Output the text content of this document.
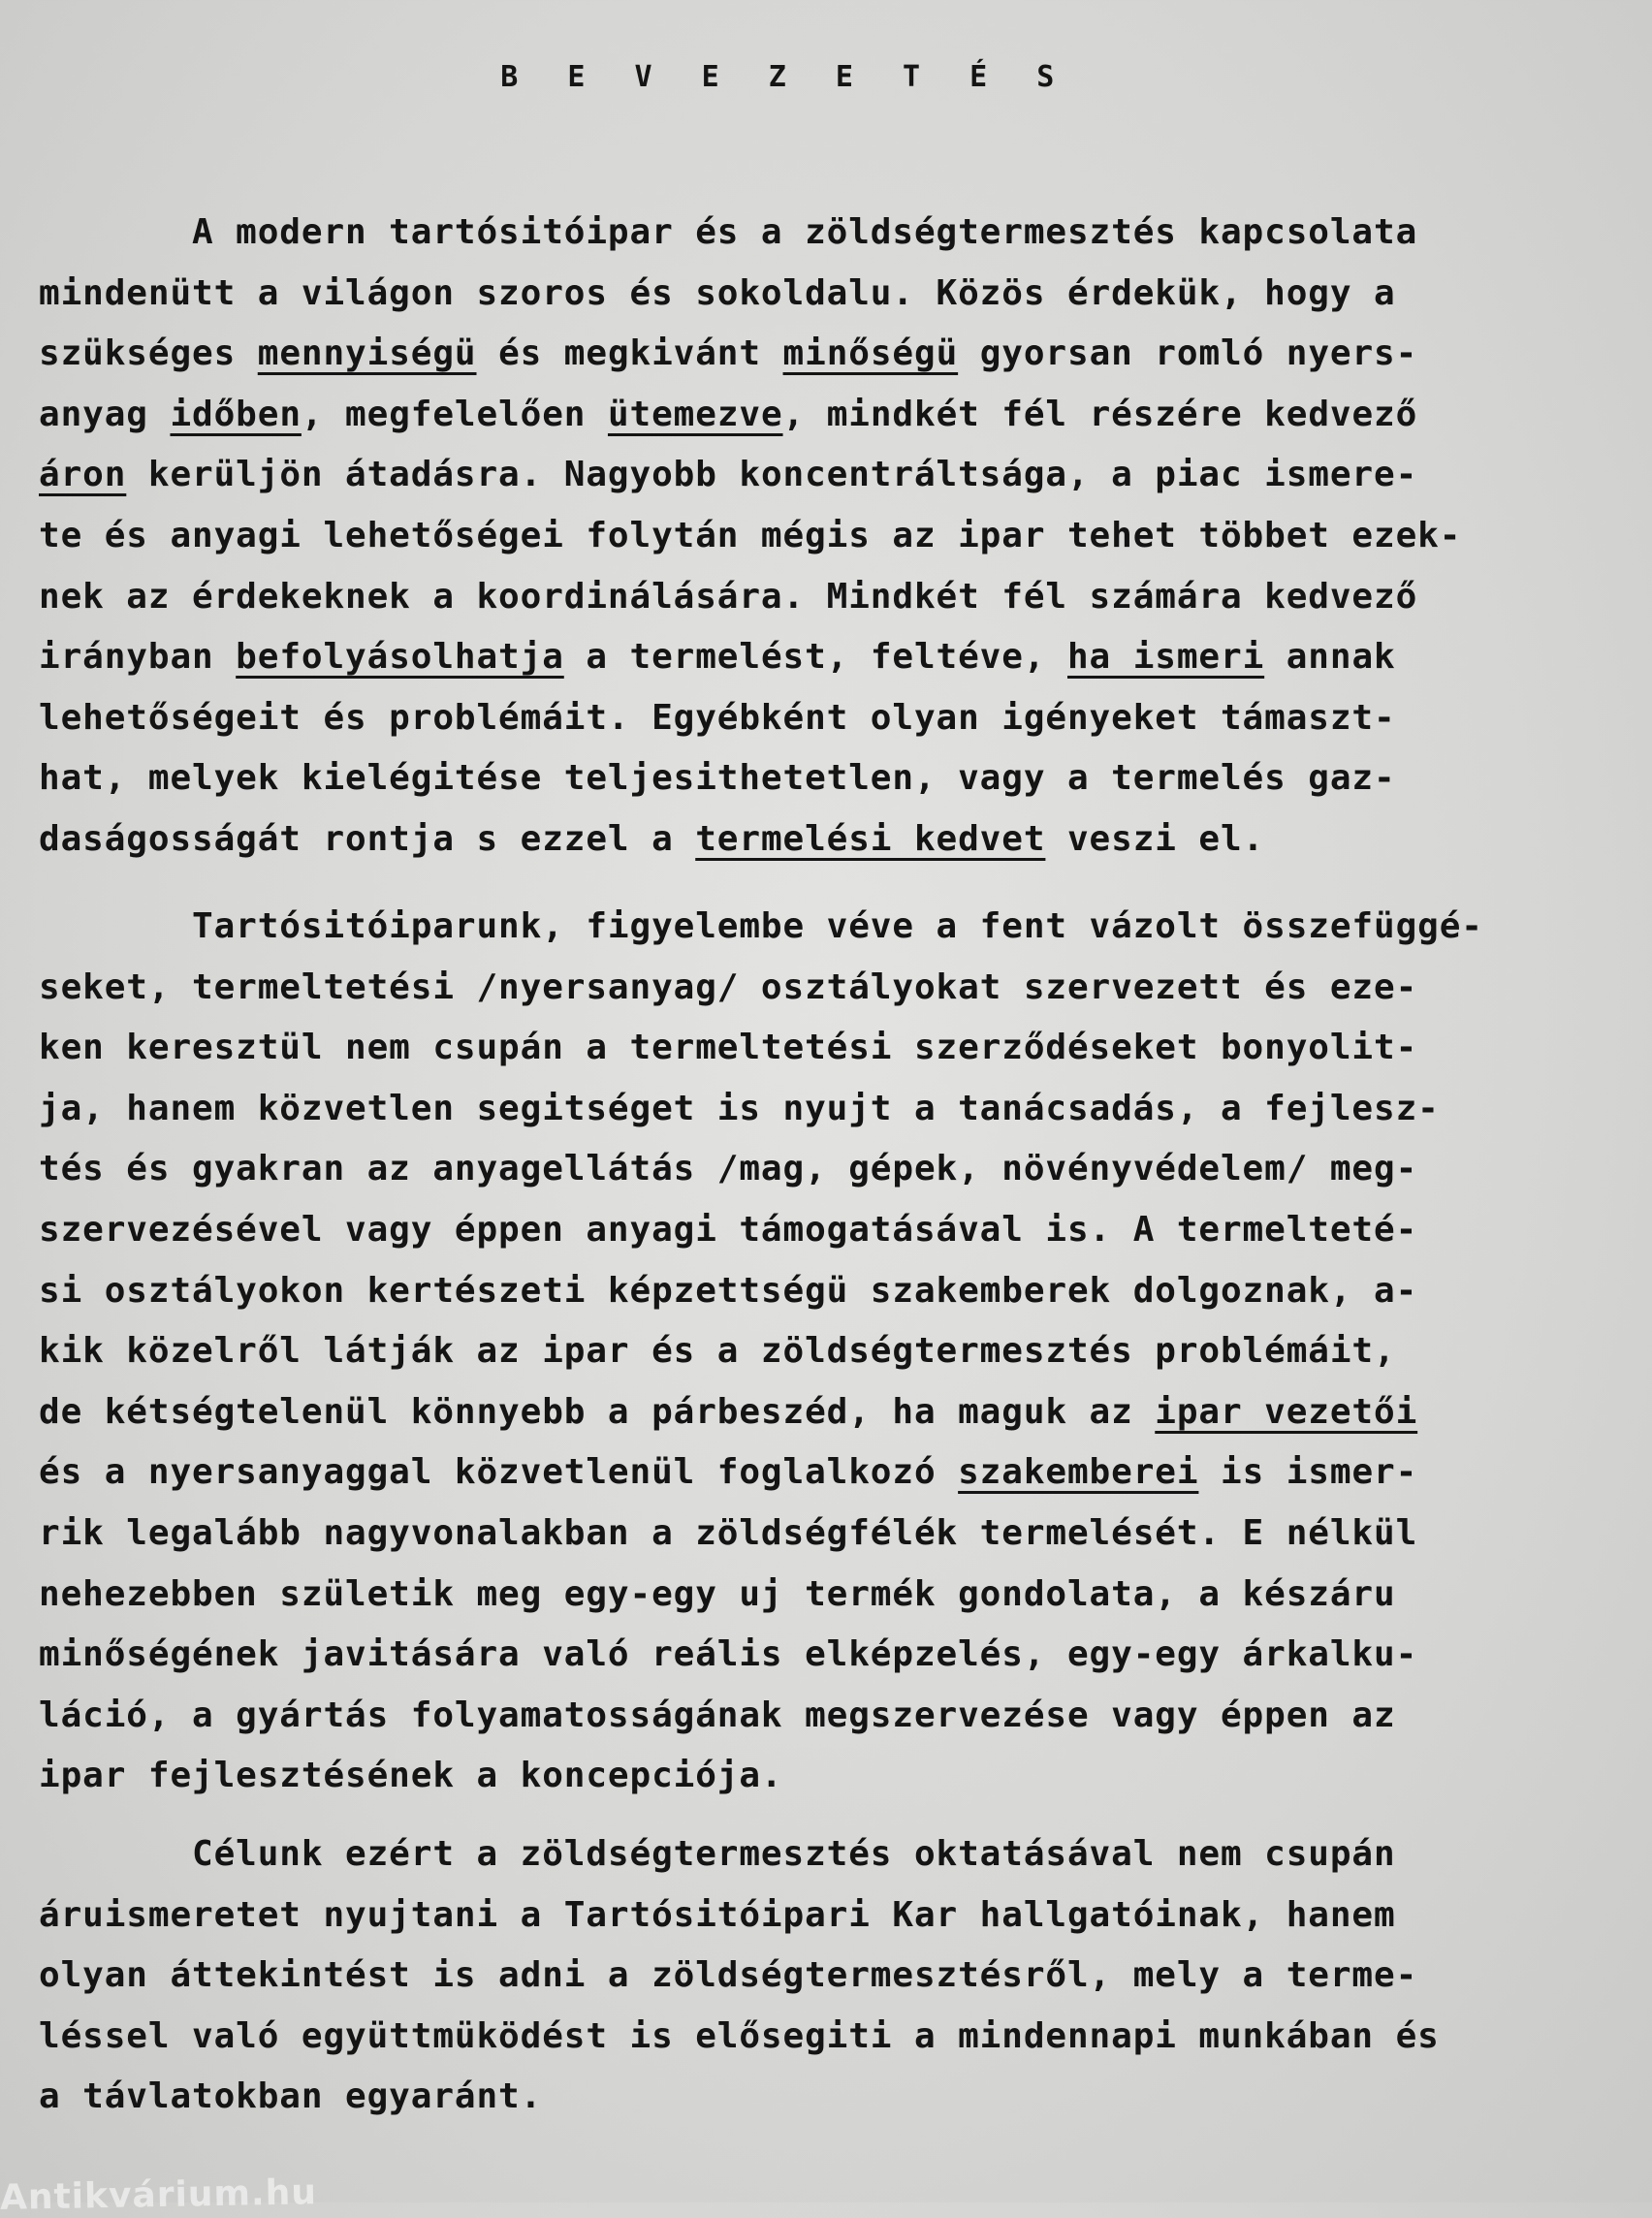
B E V E Z E T É S
A modern tartósitóipar és a zöldségtermesztés kapcsolata
mindenütt a világon szoros és sokoldalu. Közös érdekük, hogy a
szükséges mennyiségü és megkivánt minőségü gyorsan romló nyers-
anyag időben, megfelelően ütemezve, mindkét fél részére kedvező
áron kerüljön átadásra. Nagyobb koncentráltsága, a piac ismere-
te és anyagi lehetőségei folytán mégis az ipar tehet többet ezek-
nek az érdekeknek a koordinálására. Mindkét fél számára kedvező
irányban befolyásolhatja a termelést, feltéve, ha ismeri annak
lehetőségeit és problémáit. Egyébként olyan igényeket támaszt-
hat, melyek kielégitése teljesithetetlen, vagy a termelés gaz-
daságosságát rontja s ezzel a termelési kedvet veszi el.
Tartósitóiparunk, figyelembe véve a fent vázolt összefüggé-
seket, termeltetési /nyersanyag/ osztályokat szervezett és eze-
ken keresztül nem csupán a termeltetési szerződéseket bonyolit-
ja, hanem közvetlen segitséget is nyujt a tanácsadás, a fejlesz-
tés és gyakran az anyagellátás /mag, gépek, növényvédelem/ meg-
szervezésével vagy éppen anyagi támogatásával is. A termelteté-
si osztályokon kertészeti képzettségü szakemberek dolgoznak, a-
kik közelről látják az ipar és a zöldségtermesztés problémáit,
de kétségtelenül könnyebb a párbeszéd, ha maguk az ipar vezetői
és a nyersanyaggal közvetlenül foglalkozó szakemberei is ismer-
rik legalább nagyvonalakban a zöldségfélék termelését. E nélkül
nehezebben születik meg egy-egy uj termék gondolata, a készáru
minőségének javitására való reális elképzelés, egy-egy árkalku-
láció, a gyártás folyamatosságának megszervezése vagy éppen az
ipar fejlesztésének a koncepciója.
Célunk ezért a zöldségtermesztés oktatásával nem csupán
áruismeretet nyujtani a Tartósitóipari Kar hallgatóinak, hanem
olyan áttekintést is adni a zöldségtermesztésről, mely a terme-
léssel való együttmüködést is elősegiti a mindennapi munkában és
a távlatokban egyaránt.
Antikvárium.hu
